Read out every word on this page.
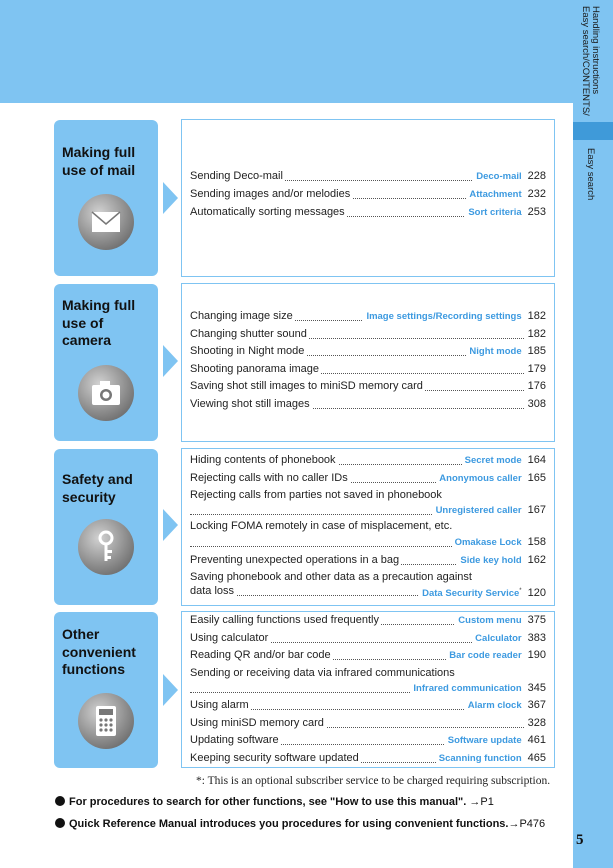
Easy search/CONTENTS/ Handling instructions
Easy search
Making full use of mail
Making full use of camera
Safety and security
Other convenient functions
Sending Deco-mail	Deco-mail 228
Sending images and/or melodies	Attachment 232
Automatically sorting messages	Sort criteria 253
Changing image size	Image settings/Recording settings 182
Changing shutter sound	182
Shooting in Night mode	Night mode 185
Shooting panorama image	179
Saving shot still images to miniSD memory card	176
Viewing shot still images	308
Hiding contents of phonebook	Secret mode 164
Rejecting calls with no caller IDs	Anonymous caller 165
Rejecting calls from parties not saved in phonebook
Unregistered caller 167
Locking FOMA remotely in case of misplacement, etc.
Omakase Lock 158
Preventing unexpected operations in a bag	Side key hold 162
Saving phonebook and other data as a precaution against
data loss	Data Security Service* 120
Easily calling functions used frequently	Custom menu 375
Using calculator	Calculator 383
Reading QR and/or bar code	Bar code reader 190
Sending or receiving data via infrared communications
Infrared communication 345
Using alarm	Alarm clock 367
Using miniSD memory card	328
Updating software	Software update 461
Keeping security software updated	Scanning function 465
*: This is an optional subscriber service to be charged requiring subscription.
For procedures to search for other functions, see "How to use this manual". →P1
Quick Reference Manual introduces you procedures for using convenient functions.→P476
5
